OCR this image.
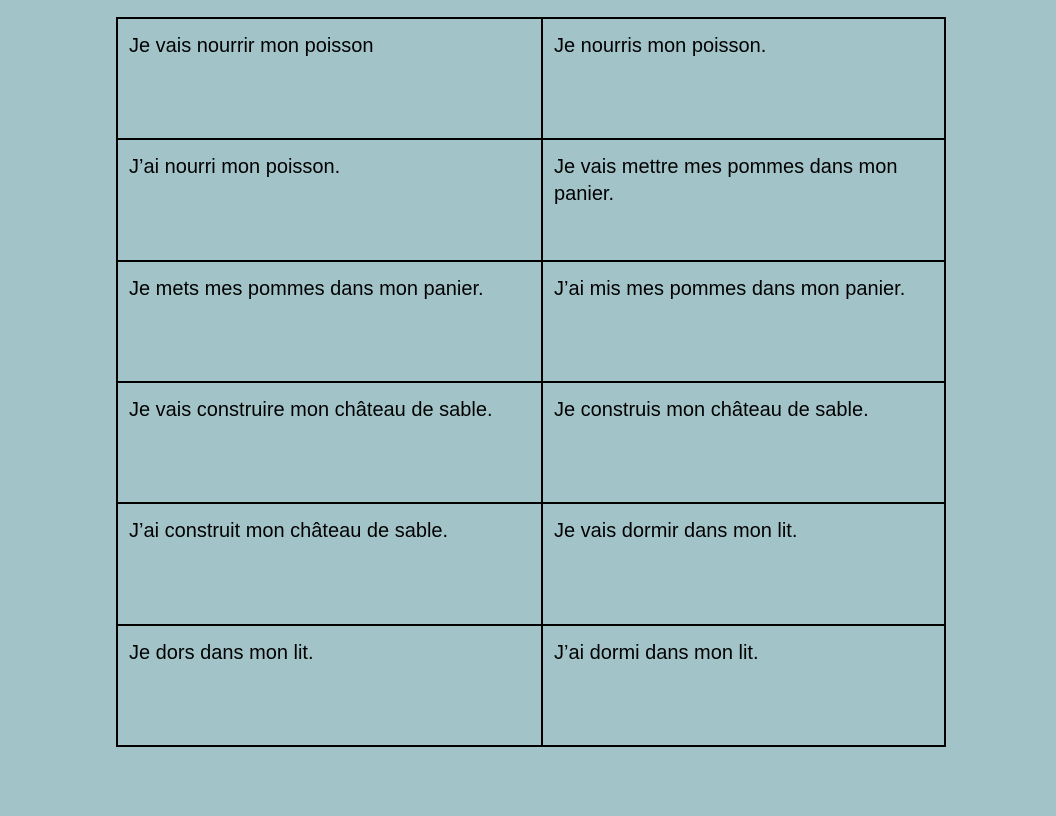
Je vais nourrir mon poisson	Je nourris mon poisson.
J’ai nourri mon poisson.	Je vais mettre mes pommes dans mon panier.
Je mets mes pommes dans mon panier.	J’ai mis mes pommes dans mon panier.
Je vais construire mon château de sable.	Je construis mon château de sable.
J’ai construit mon château de sable.	Je vais dormir dans mon lit.
Je dors dans mon lit.	J’ai dormi dans mon lit.
